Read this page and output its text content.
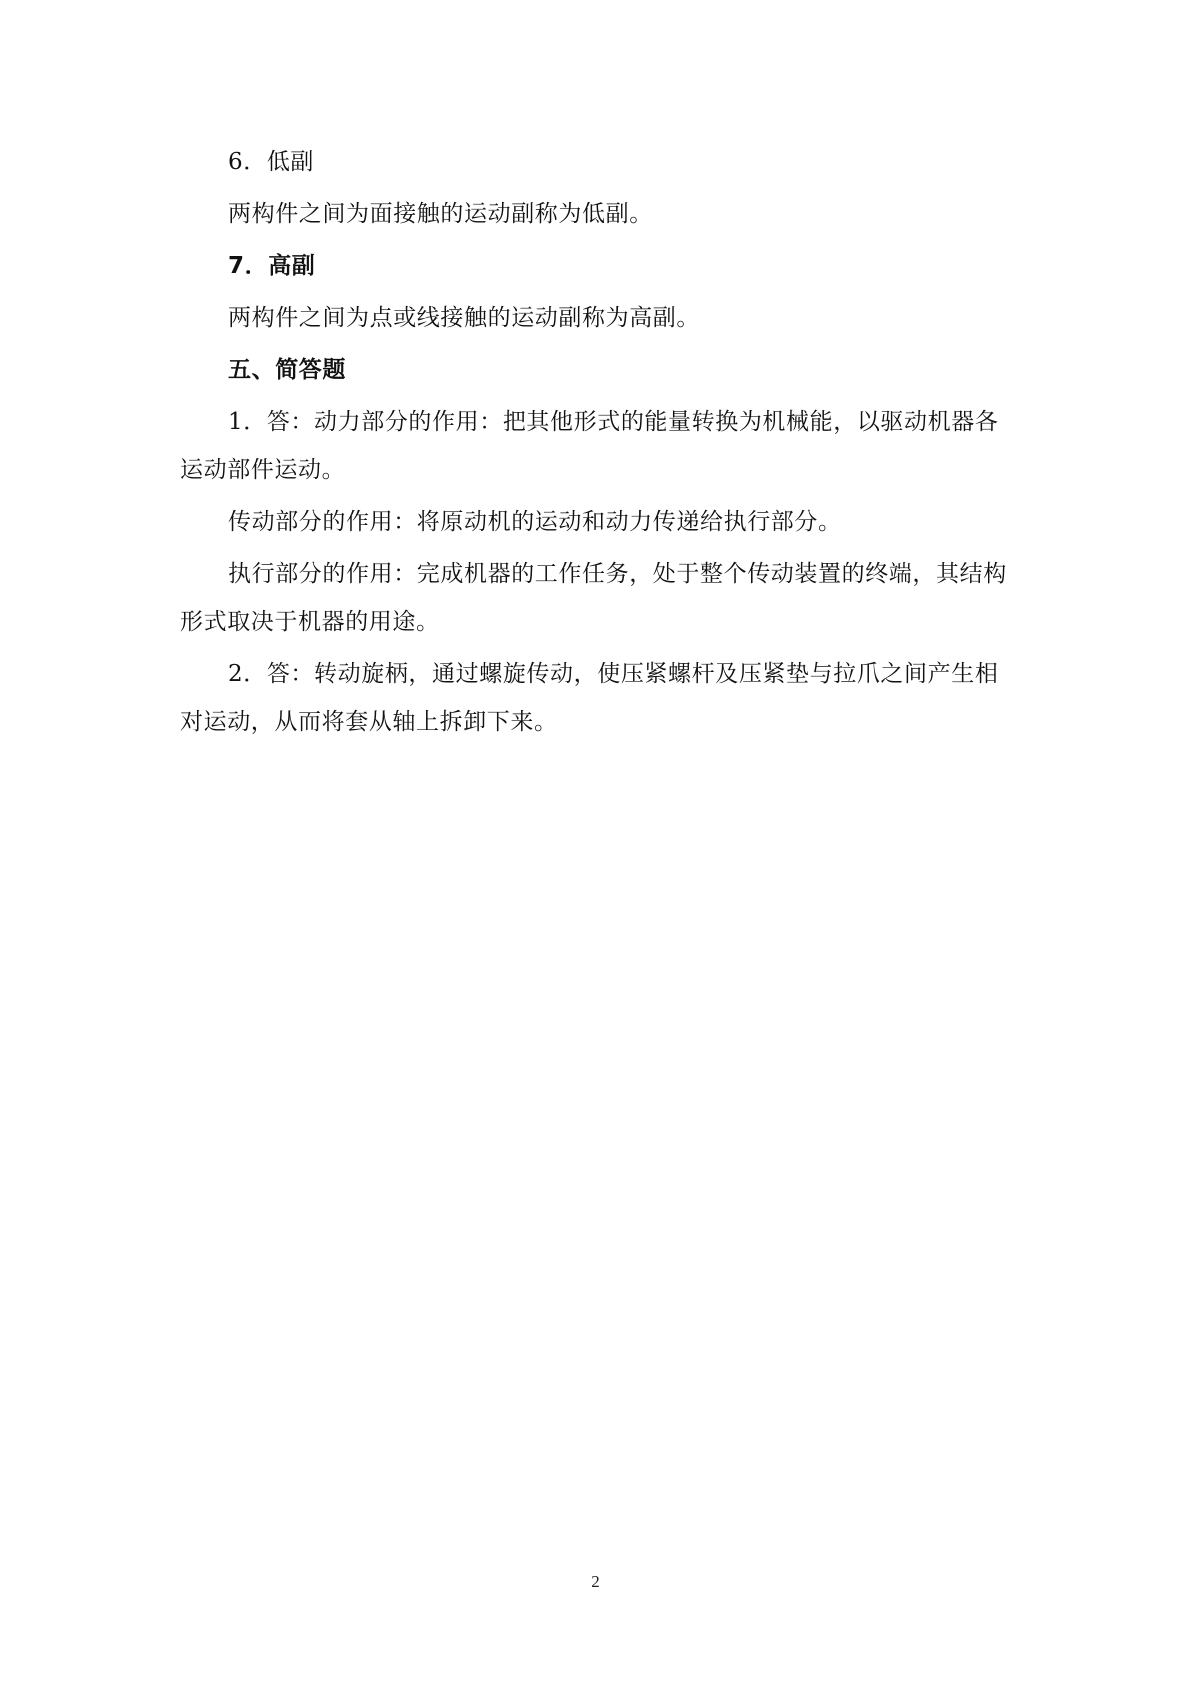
6．低副

两构件之间为面接触的运动副称为低副。

7．高副

两构件之间为点或线接触的运动副称为高副。

五、简答题

1．答：动力部分的作用：把其他形式的能量转换为机械能，以驱动机器各运动部件运动。

传动部分的作用：将原动机的运动和动力传递给执行部分。

执行部分的作用：完成机器的工作任务，处于整个传动装置的终端，其结构形式取决于机器的用途。

2．答：转动旋柄，通过螺旋传动，使压紧螺杆及压紧垫与拉爪之间产生相对运动，从而将套从轴上拆卸下来。

2
